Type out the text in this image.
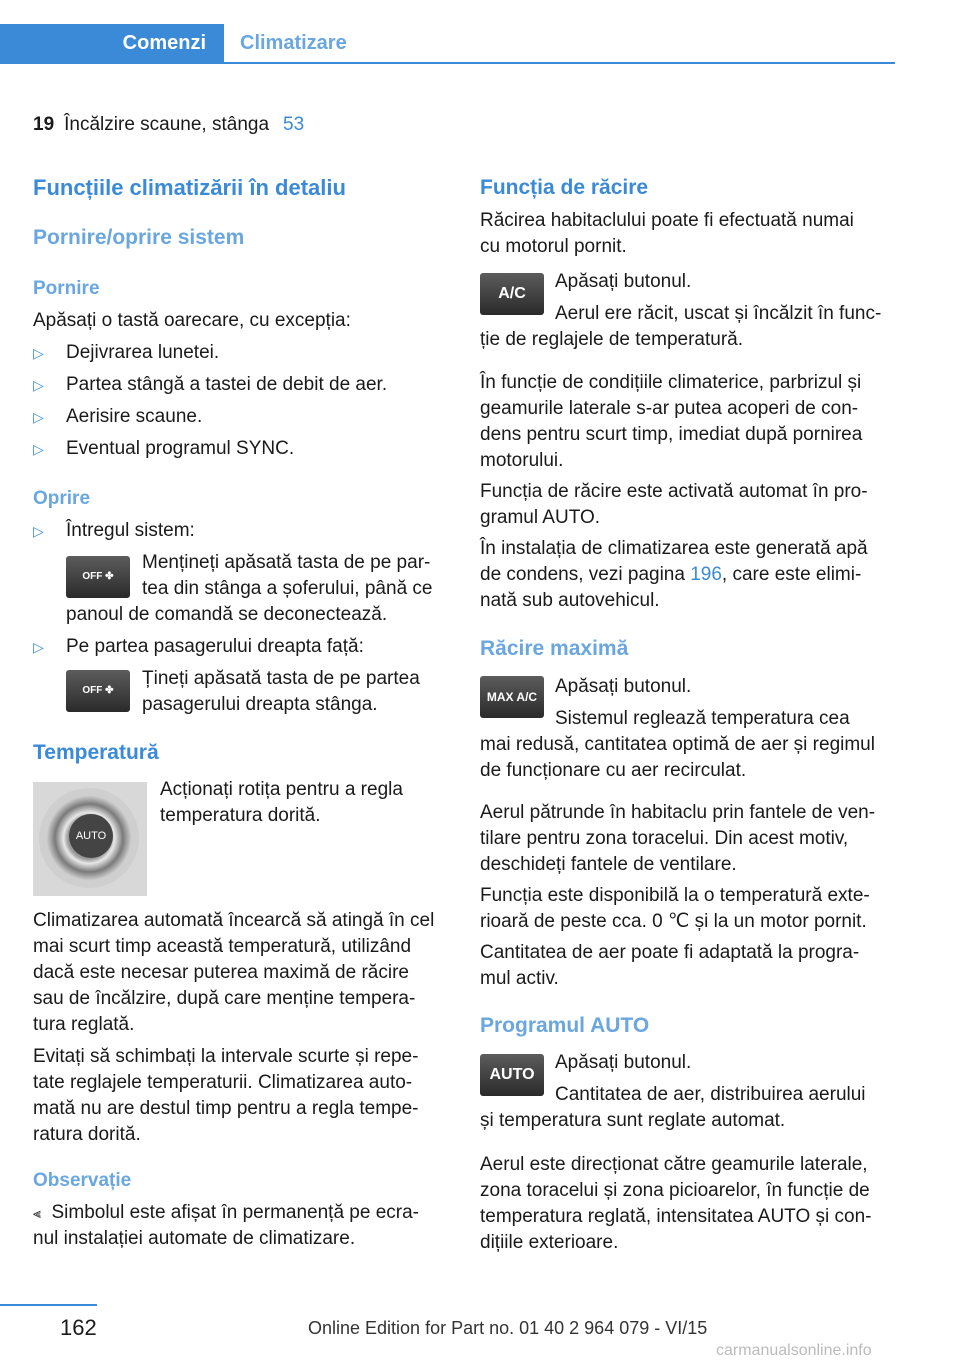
Comenzi	Climatizare
19 Încălzire scaune, stânga 53
Funcțiile climatizării în detaliu
Pornire/oprire sistem
Pornire
Apăsați o tastă oarecare, cu excepția:
▷ Dejivrarea lunetei.
▷ Partea stângă a tastei de debit de aer.
▷ Aerisire scaune.
▷ Eventual programul SYNC.
Oprire
▷ Întregul sistem:
OFF ✤
Mențineți apăsată tasta de pe par‐
tea din stânga a șoferului, până ce
panoul de comandă se deconectează.
▷ Pe partea pasagerului dreapta față:
OFF ✤
Țineți apăsată tasta de pe partea
pasagerului dreapta stânga.
Temperatură
AUTO
Acționați rotița pentru a regla
temperatura dorită.
Climatizarea automată încearcă să atingă în cel
mai scurt timp această temperatură, utilizând
dacă este necesar puterea maximă de răcire
sau de încălzire, după care menține tempera‐
tura reglată.
Evitați să schimbați la intervale scurte și repe‐
tate reglajele temperaturii. Climatizarea auto‐
mată nu are destul timp pentru a regla tempe‐
ratura dorită.
Observație
⫷ Simbolul este afișat în permanență pe ecra‐
nul instalației automate de climatizare.
Funcția de răcire
Răcirea habitaclului poate fi efectuată numai
cu motorul pornit.
A/C
Apăsați butonul.
Aerul ere răcit, uscat și încălzit în func‐
ție de reglajele de temperatură.
În funcție de condițiile climaterice, parbrizul și
geamurile laterale s-ar putea acoperi de con‐
dens pentru scurt timp, imediat după pornirea
motorului.
Funcția de răcire este activată automat în pro‐
gramul AUTO.
În instalația de climatizarea este generată apă
de condens, vezi pagina 196, care este elimi‐
nată sub autovehicul.
Răcire maximă
MAX A/C Apăsați butonul.
Sistemul reglează temperatura cea
mai redusă, cantitatea optimă de aer și regimul
de funcționare cu aer recirculat.
Aerul pătrunde în habitaclu prin fantele de ven‐
tilare pentru zona toracelui. Din acest motiv,
deschideți fantele de ventilare.
Funcția este disponibilă la o temperatură exte‐
rioară de peste cca. 0 ℃ și la un motor pornit.
Cantitatea de aer poate fi adaptată la progra‐
mul activ.
Programul AUTO
AUTO
Apăsați butonul.
Cantitatea de aer, distribuirea aerului
și temperatura sunt reglate automat.
Aerul este direcționat către geamurile laterale,
zona toracelui și zona picioarelor, în funcție de
temperatura reglată, intensitatea AUTO și con‐
dițiile exterioare.
162	Online Edition for Part no. 01 40 2 964 079 - VI/15
carmanualsonline.info
